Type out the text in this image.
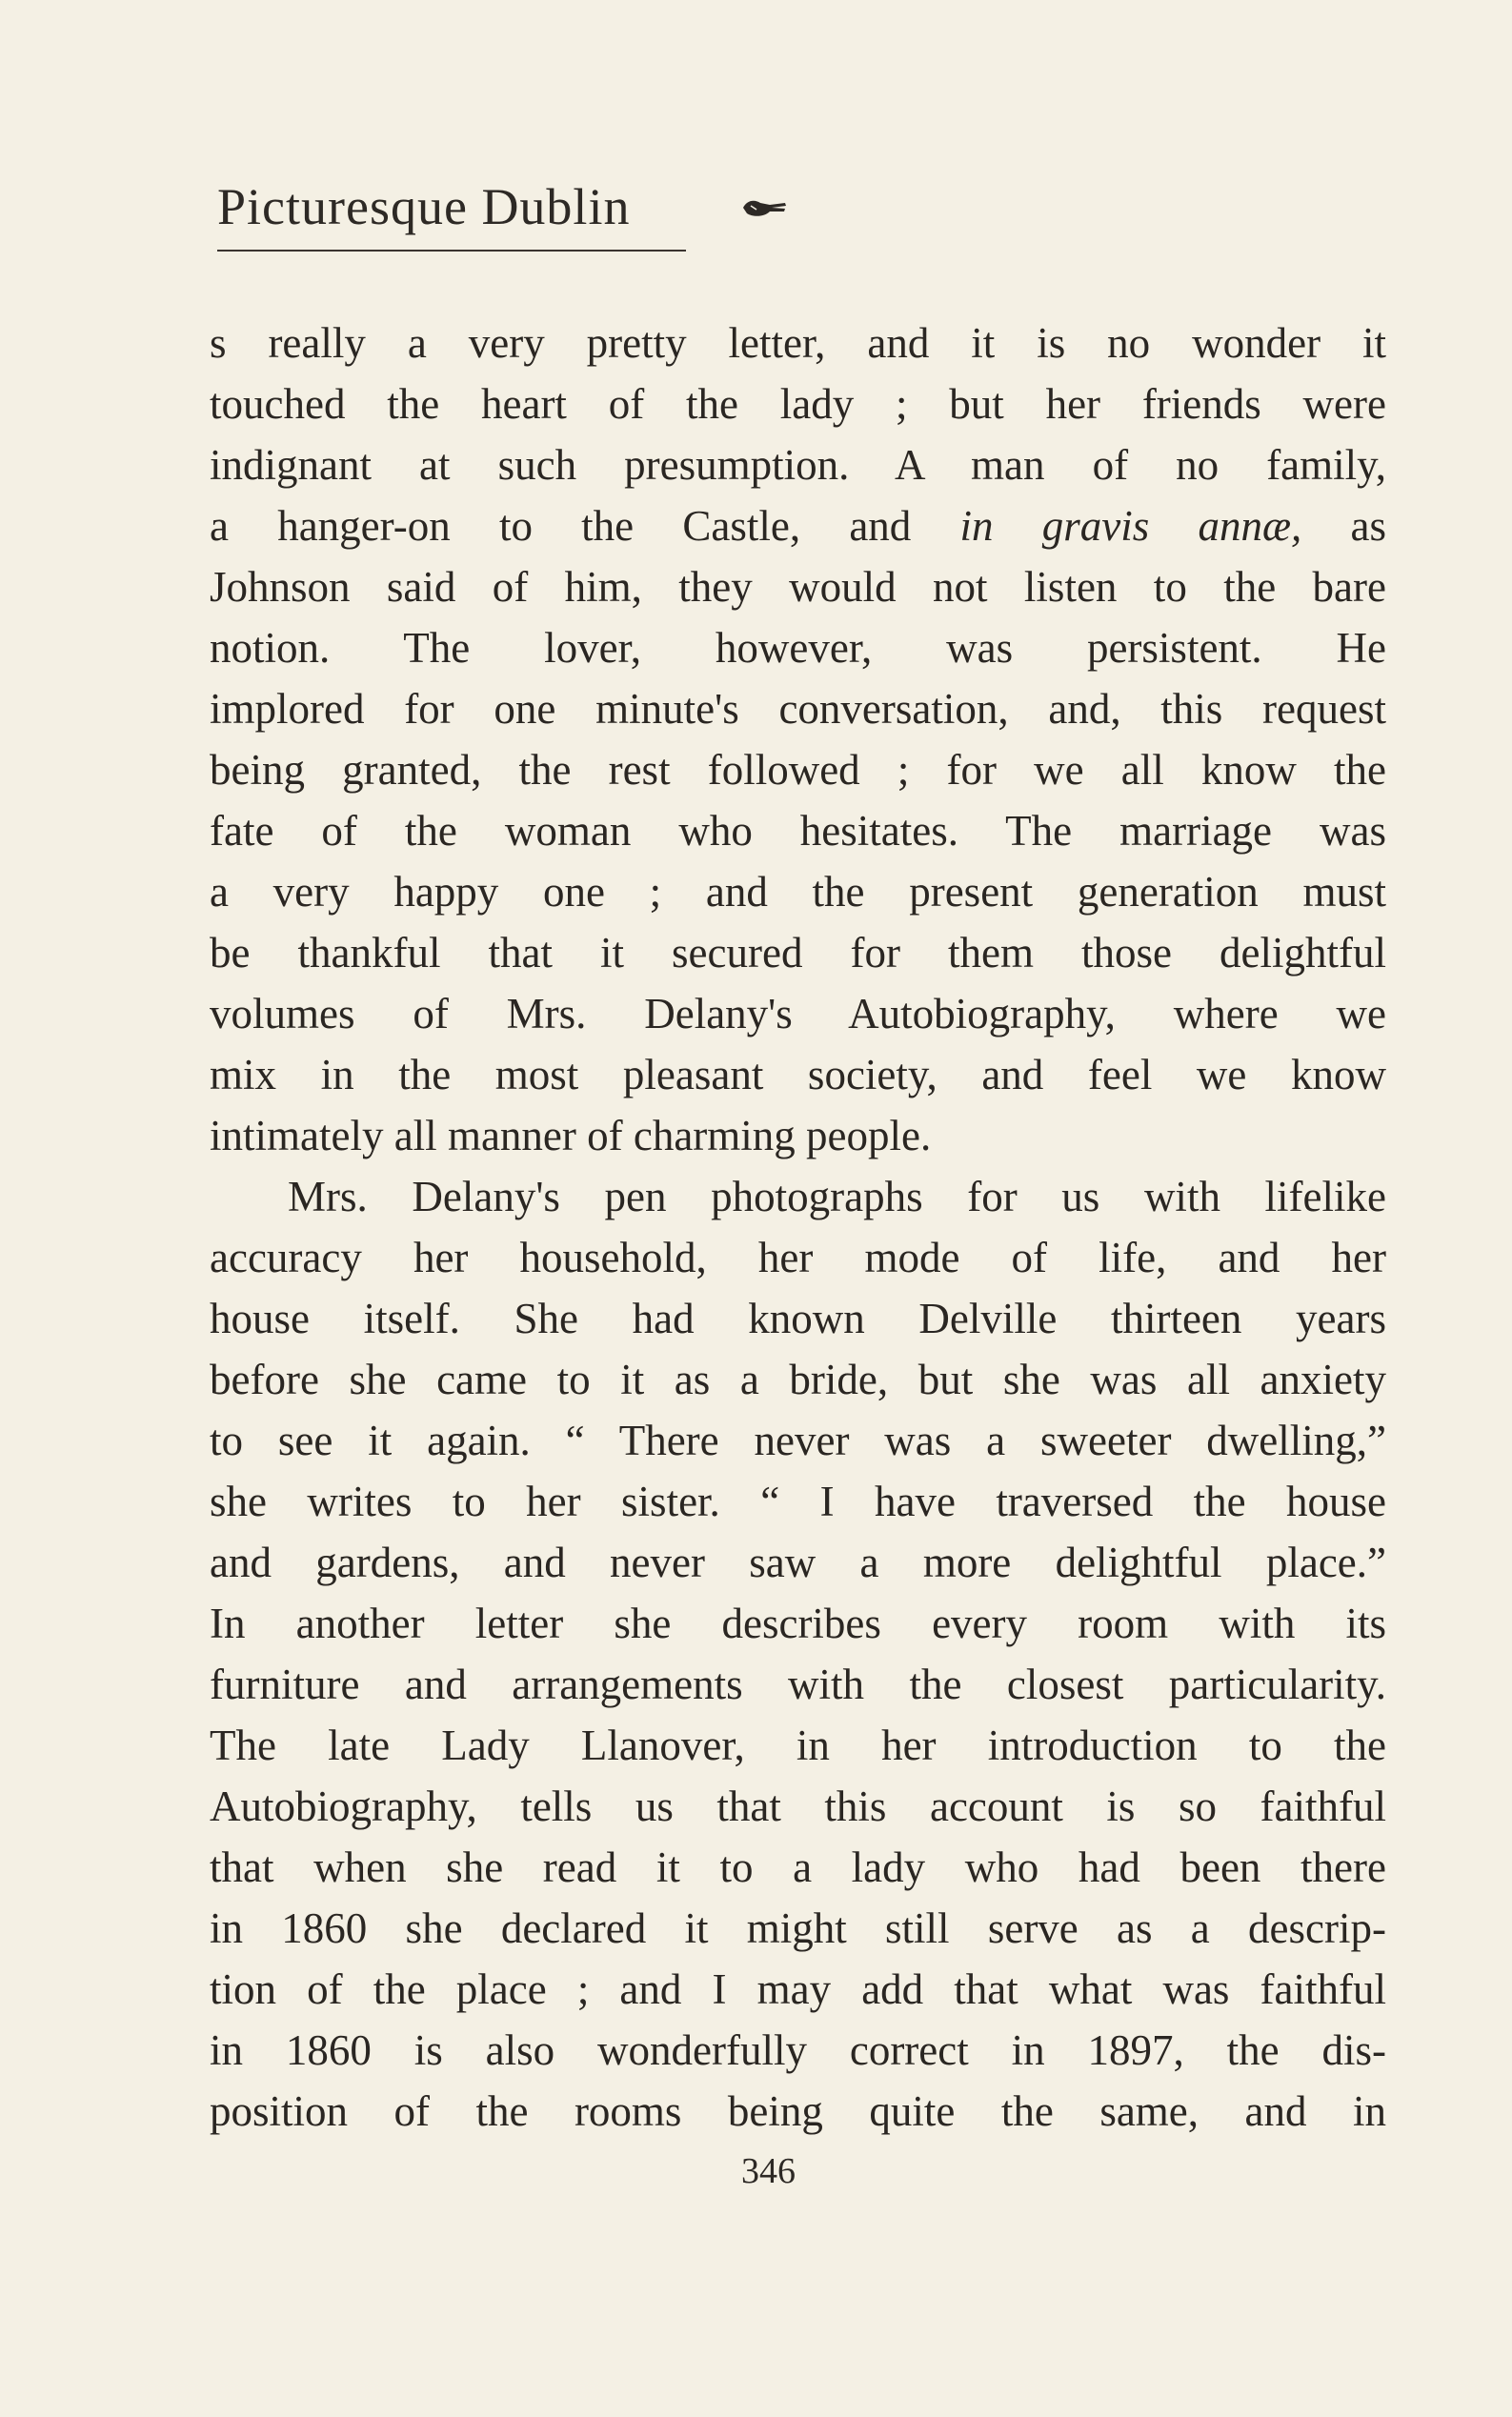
Picturesque Dublin
s really a very pretty letter, and it is no wonder it
touched the heart of the lady ; but her friends were
indignant at such presumption. A man of no family,
a hanger-on to the Castle, and in gravis annæ, as
Johnson said of him, they would not listen to the bare
notion. The lover, however, was persistent. He
implored for one minute's conversation, and, this request
being granted, the rest followed ; for we all know the
fate of the woman who hesitates. The marriage was
a very happy one ; and the present generation must
be thankful that it secured for them those delightful
volumes of Mrs. Delany's Autobiography, where we
mix in the most pleasant society, and feel we know
intimately all manner of charming people.
Mrs. Delany's pen photographs for us with lifelike
accuracy her household, her mode of life, and her
house itself. She had known Delville thirteen years
before she came to it as a bride, but she was all anxiety
to see it again. “ There never was a sweeter dwelling,”
she writes to her sister. “ I have traversed the house
and gardens, and never saw a more delightful place.”
In another letter she describes every room with its
furniture and arrangements with the closest particularity.
The late Lady Llanover, in her introduction to the
Autobiography, tells us that this account is so faithful
that when she read it to a lady who had been there
in 1860 she declared it might still serve as a descrip-
tion of the place ; and I may add that what was faithful
in 1860 is also wonderfully correct in 1897, the dis-
position of the rooms being quite the same, and in
346
